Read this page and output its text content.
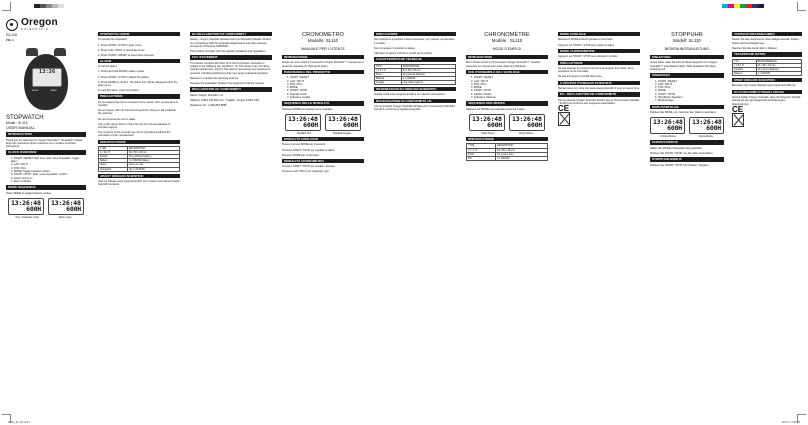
Oregon
SCIENTIFIC
SL110
FIG. 1
13:26
MODE	START
STOPWATCH
Model : SL110
USER MANUAL
INTRODUCTION

Thank you for selecting the Oregon Scientific™ Stopwatch. Please keep this manual for future reference as it contains important instructions.

CLOCK OVERVIEW
• 1. START / RESET: Split time, start / stop stopwatch, toggle alarm
• 2. LAP / SPLIT
• 3. STR / RCL
• 4. MODE: Toggle between modes
• 5. START / STOP: Start / stop stopwatch, confirm
• 6. Hourly chime on
• 7. Alarm indicator
MODE SEQUENCE

Press MODE to toggle between modes:

13:26:48
600H
13:26:48
600H
Time / Calendar mode	Alarm mode
STOPWATCH MODE

To operate the stopwatch:

1. Press START / STOP to start / stop.

2. Press LAP / SPLIT to record lap times.

3. Press START / RESET to reset when stopped.

ALARM

To set the alarm:

1. Press and hold MODE in alarm mode.

2. Press START / STOP to adjust the values.

3. Press MODE to confirm. The alarm icon will be displayed when the alarm is on.

To stop the alarm, press any button.

PRECAUTIONS

Do not subject the unit to excessive force, shock, dust, temperature or humidity.

Do not tamper with the internal components. Doing so will invalidate the warranty.

Do not immerse the unit in water.

Use a soft, damp cloth to clean the unit. Do not use abrasive or corrosive agents.

The contents of this manual may not be reproduced without the permission of the manufacturer.

SPECIFICATIONS
TYPE	DESCRIPTION
L x W x H	64 x 56 x 18 mm
Weight	40 g (without battery)
Battery	1 x CR2032 battery
Alarm	Once per day
Stopwatch	Up to 23:59:59
ABOUT OREGON SCIENTIFIC

Visit our website www.oregonscientific.com to learn more about Oregon Scientific products.

EU DECLARATION OF CONFORMITY

Hereby, Oregon Scientific declares that this Stopwatch (Model: SL110) is in compliance with the essential requirements and other relevant provisions of Directive 1999/5/EC.

This product complies with the relevant standards and regulations.

FCC STATEMENT

This device complies with Part 15 of the FCC Rules. Operation is subject to the following two conditions: (1) This device may not cause harmful interference, and (2) This device must accept any interference received, including interference that may cause undesired operation.

Reorient or relocate the receiving antenna.

Increase the separation between the equipment and the receiver.

DECLARATION OF CONFORMITY

Name: Oregon Scientific, Inc.

Address: 19861 SW 95th Ave., Tualatin, Oregon 97062 USA

Telephone No.: 1-800-853-8883

CRONOMETRO
Modello: SL110
MANUALE PER L'UTENTE
INTRODUZIONE

Grazie per aver scelto il Cronometro Oregon Scientific™. Conservare il presente manuale per riferimento futuro.

PANORAMICA DEL PRODOTTO
• 1. START / RESET
• 2. LAP / SPLIT
• 3. STR / RCL
• 4. MODE
• 5. START / STOP
• 6. Segnale orario
• 7. Indicatore sveglia
SEQUENZA DELLE MODALITÀ

Premere MODE per passare tra le modalità:

13:26:48
600H
13:26:48
600H
Modalità Ora	Modalità Sveglia
MODALITÀ OROLOGIO

Tenere premuto MODE per 2 secondi.

Premere START / STOP per regolare il valore.

Premere MODE per confermare.

MODALITÀ CRONOMETRO

Premere START / STOP per avviare / fermare.

Premere LAP / SPLIT per registrare i giri.

PRECAUZIONI

Non sottoporre il prodotto a forza eccessiva, urti, polvere, temperature o umidità.

Non immergere il prodotto in acqua.

Utilizzare un panno morbido e umido per la pulizia.

CARATTERISTICHE TECNICHE
TIPO	DESCRIZIONE
L x P x A	64 x 56 x 18 mm
Peso	40 g (senza batteria)
Batteria	1 x CR2032
Sveglia	Una volta al giorno
INFORMAZIONI SU OREGON SCIENTIFIC

Visitare il sito www.oregonscientific.it per ulteriori informazioni.

DICHIARAZIONE DI CONFORMITÀ UE

Con la presente Oregon Scientific dichiara che il Cronometro (Modello: SL110) è conforme ai requisiti essenziali.

CHRONOMÈTRE
Modèle : SL110
MODE D'EMPLOI
INTRODUCTION

Merci d'avoir choisi le Chronomètre Oregon Scientific™. Veuillez conserver ce manuel pour toute référence ultérieure.

VUE D'ENSEMBLE DE L'HORLOGE
• 1. START / RESET
• 2. LAP / SPLIT
• 3. STR / RCL
• 4. MODE
• 5. START / STOP
• 6. Carillon horaire
• 7. Indicateur d'alarme
SÉQUENCE DES MODES

Appuyez sur MODE pour basculer entre les modes :

13:26:48
600H
13:26:48
600H
Mode Heure	Mode Alarme
SPÉCIFICATIONS
TYPE	DESCRIPTION
L x l x H	64 x 56 x 18 mm
Poids	40 g (sans pile)
Pile	1 x CR2032
MODE HORLOGE

Maintenez MODE enfoncé pendant 2 secondes.

Appuyez sur START / STOP pour régler la valeur.

MODE CHRONOMÈTRE

Appuyez sur START / STOP pour démarrer / arrêter.

PRÉCAUTIONS

Ne pas exposer le produit à une force excessive, des chocs, de la poussière ou de l'humidité.

Ne pas immerger le produit dans l'eau.

À PROPOS D'OREGON SCIENTIFIC

Rendez-vous sur notre site www.oregonscientific.fr pour en savoir plus.

EU - DÉCLARATION DE CONFORMITÉ

Par la présente Oregon Scientific déclare que le Chronomètre (Modèle : SL110) est conforme aux exigences essentielles.

CE
STOPPUHR
Modell: SL110
BEDIENUNGSANLEITUNG
EINLEITUNG

Vielen Dank, dass Sie sich für diese Stoppuhr von Oregon Scientific™ entschieden haben. Bitte bewahren Sie diese Anleitung auf.

ÜBERSICHT
• 1. START / RESET
• 2. LAP / SPLIT
• 3. STR / RCL
• 4. MODE
• 5. START / STOP
• 6. Stündlicher Signalton
• 7. Weckanzeige
MODUSABFOLGE

Drücken Sie MODE, um zwischen den Modi zu wechseln:

13:26:48
600H
13:26:48
600H
Uhrzeit-Modus	Weck-Modus
UHRZEIT-MODUS

Halten Sie MODE 2 Sekunden lang gedrückt.

Drücken Sie START / STOP, um den Wert einzustellen.

STOPPUHR-MODUS

Drücken Sie START / STOP zum Starten / Stoppen.

VORSICHTSMASSNAHMEN

Setzen Sie das Gerät keiner übermäßigen Gewalt, Stößen, Staub oder Feuchtigkeit aus.

Tauchen Sie das Gerät nicht in Wasser.

TECHNISCHE DATEN
TYP	BESCHREIBUNG
L x B x H	64 x 56 x 18 mm
Gewicht	40 g (ohne Batterie)
Batterie	1 x CR2032
ÜBER OREGON SCIENTIFIC

Besuchen Sie unsere Website www.oregonscientific.de.

EU-KONFORMITÄTSERKLÄRUNG

Hiermit erklärt Oregon Scientific, dass die Stoppuhr (Modell: SL110) mit den grundlegenden Anforderungen übereinstimmt.

CE
SL110_EU_R1.indd 1	2010.7.1 3:36 PM
